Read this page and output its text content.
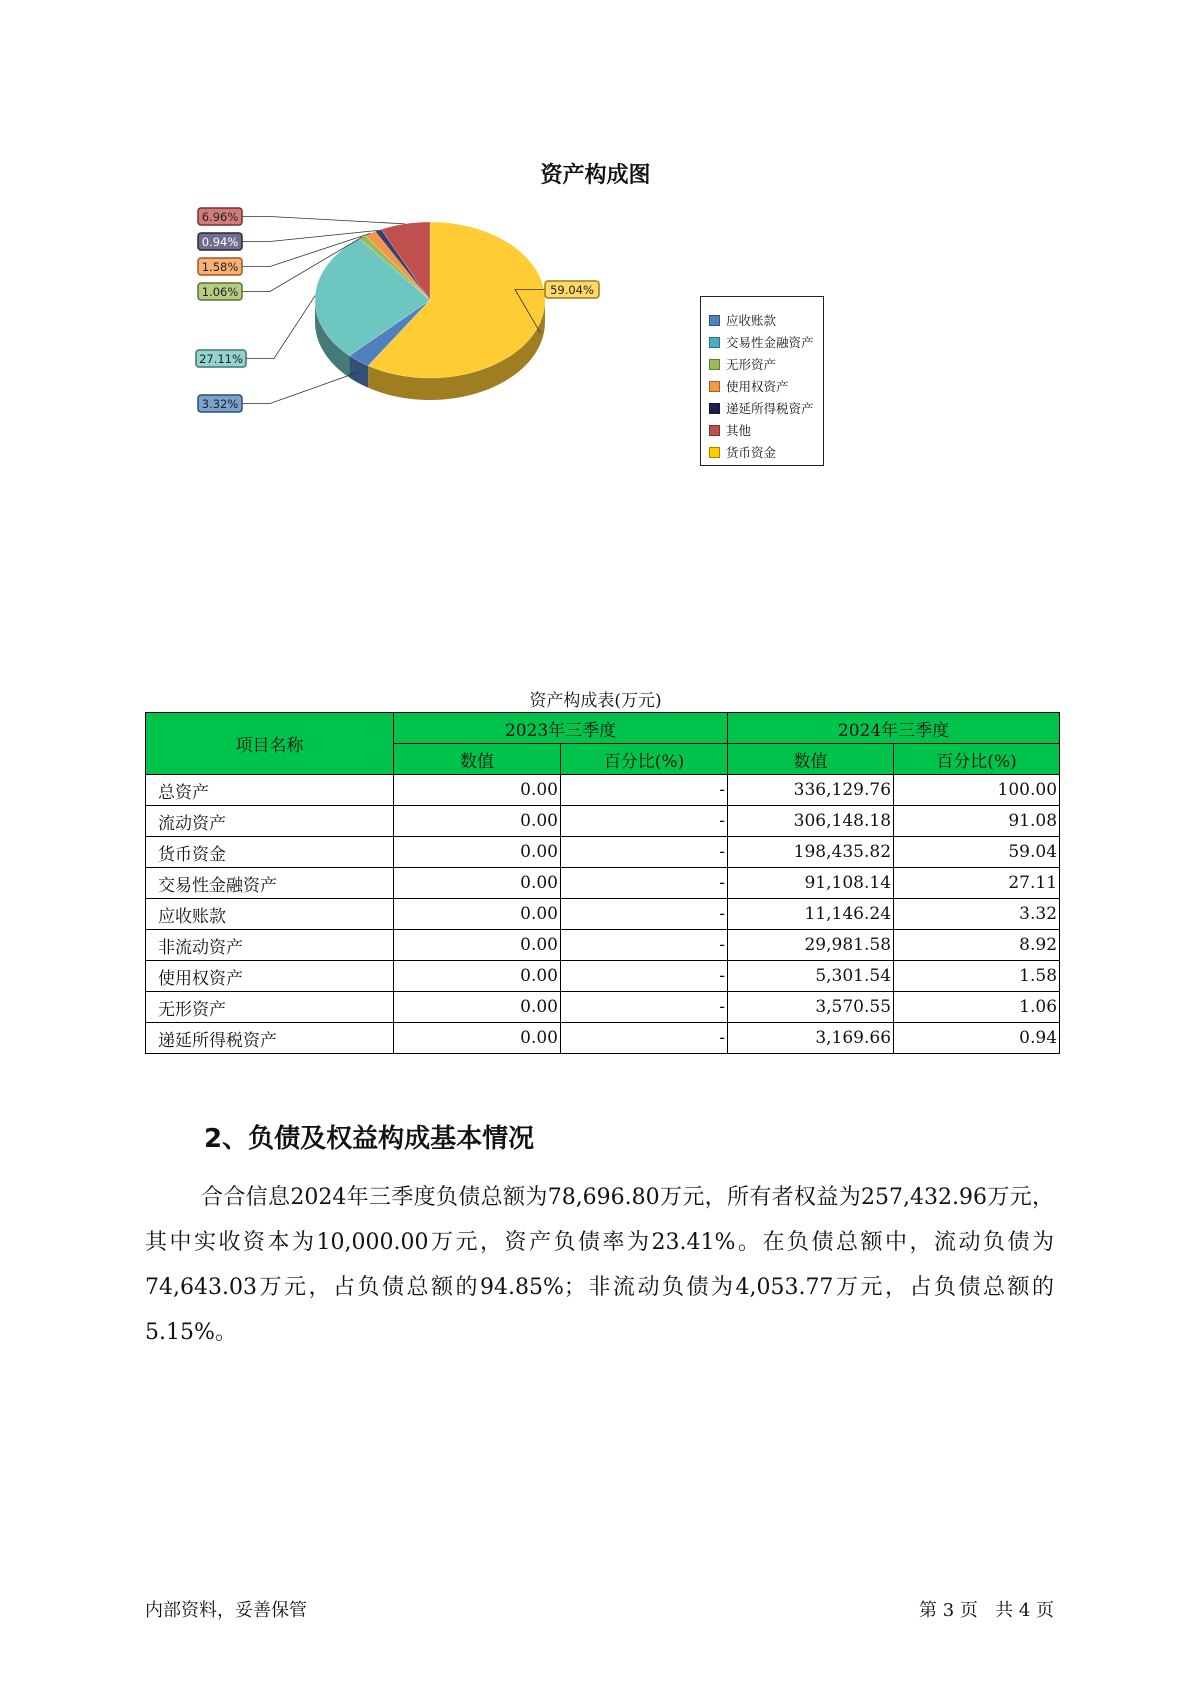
资产构成图
59.04%
6.96%
0.94%
1.58%
1.06%
27.11%
3.32%
应收账款
交易性金融资产
无形资产
使用权资产
递延所得税资产
其他
货币资金
资产构成表(万元)
项目名称	2023年三季度		2024年三季度	
	数值	百分比(%)	数值	百分比(%)
总资产	0.00	-	336,129.76	100.00
流动资产	0.00	-	306,148.18	91.08
货币资金	0.00	-	198,435.82	59.04
交易性金融资产	0.00	-	91,108.14	27.11
应收账款	0.00	-	11,146.24	3.32
非流动资产	0.00	-	29,981.58	8.92
使用权资产	0.00	-	5,301.54	1.58
无形资产	0.00	-	3,570.55	1.06
递延所得税资产	0.00	-	3,169.66	0.94
2、负债及权益构成基本情况

合合信息2024年三季度负债总额为78,696.80万元，所有者权益为257,432.96万元，其中实收资本为10,000.00万元，资产负债率为23.41%。在负债总额中，流动负债为74,643.03万元，占负债总额的94.85%；非流动负债为4,053.77万元，占负债总额的5.15%。

内部资料，妥善保管	第 3 页   共 4 页
